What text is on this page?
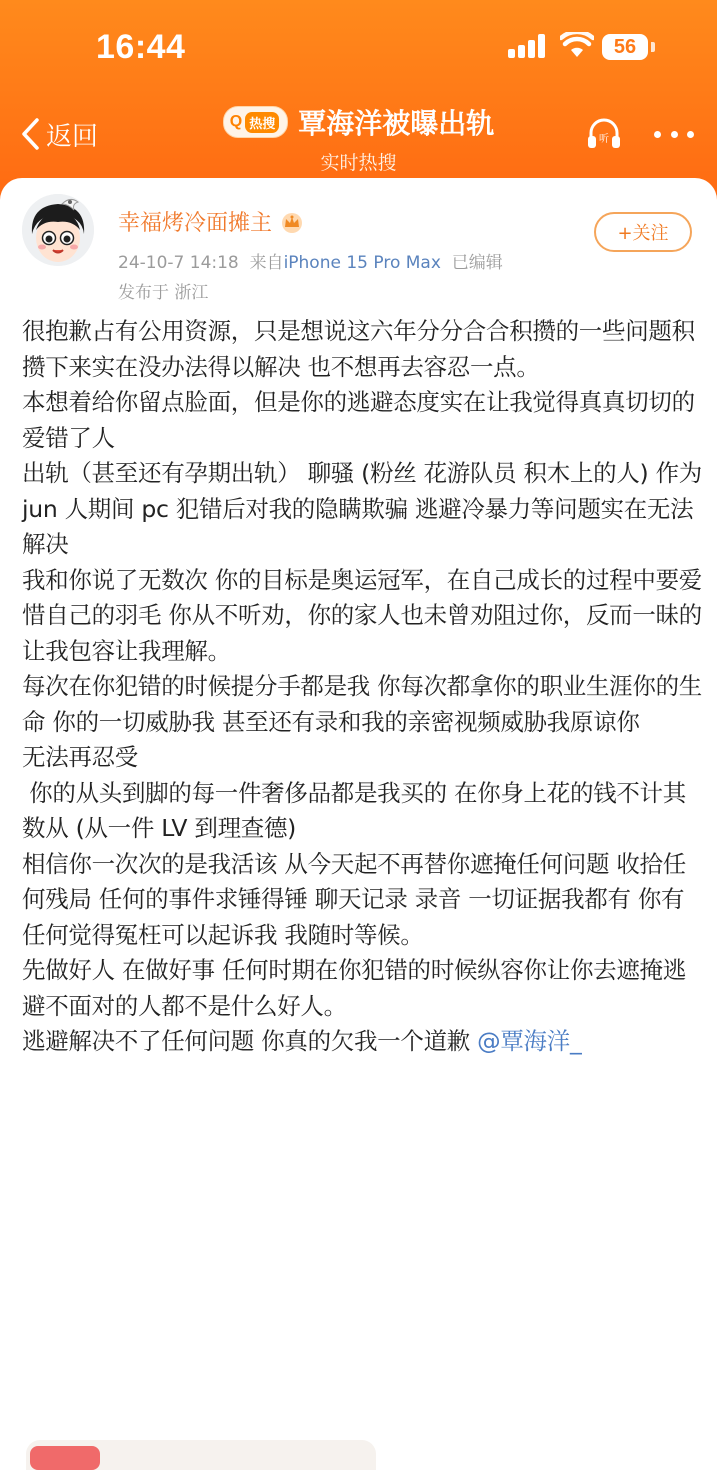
16:44	56
返回	Q 热搜 覃海洋被曝出轨
实时热搜
听
幸福烤冷面摊主
24-10-7 14:18 来自iPhone 15 Pro Max 已编辑
发布于 浙江
+关注

很抱歉占有公用资源，只是想说这六年分分合合积攒的一些问题积攒下来实在没办法得以解决 也不想再去容忍一点。

本想着给你留点脸面，但是你的逃避态度实在让我觉得真真切切的爱错了人

出轨（甚至还有孕期出轨） 聊骚 (粉丝 花游队员 积木上的人) 作为 jun 人期间 pc 犯错后对我的隐瞒欺骗 逃避冷暴力等问题实在无法解决

我和你说了无数次 你的目标是奥运冠军，在自己成长的过程中要爱惜自己的羽毛 你从不听劝，你的家人也未曾劝阻过你，反而一昧的让我包容让我理解。

每次在你犯错的时候提分手都是我 你每次都拿你的职业生涯你的生命 你的一切威胁我 甚至还有录和我的亲密视频威胁我原谅你

无法再忍受

你的从头到脚的每一件奢侈品都是我买的 在你身上花的钱不计其数从 (从一件 LV 到理查德)

相信你一次次的是我活该 从今天起不再替你遮掩任何问题 收拾任何残局 任何的事件求锤得锤 聊天记录 录音 一切证据我都有 你有任何觉得冤枉可以起诉我 我随时等候。

先做好人 在做好事 任何时期在你犯错的时候纵容你让你去遮掩逃避不面对的人都不是什么好人。

逃避解决不了任何问题 你真的欠我一个道歉 @覃海洋_
